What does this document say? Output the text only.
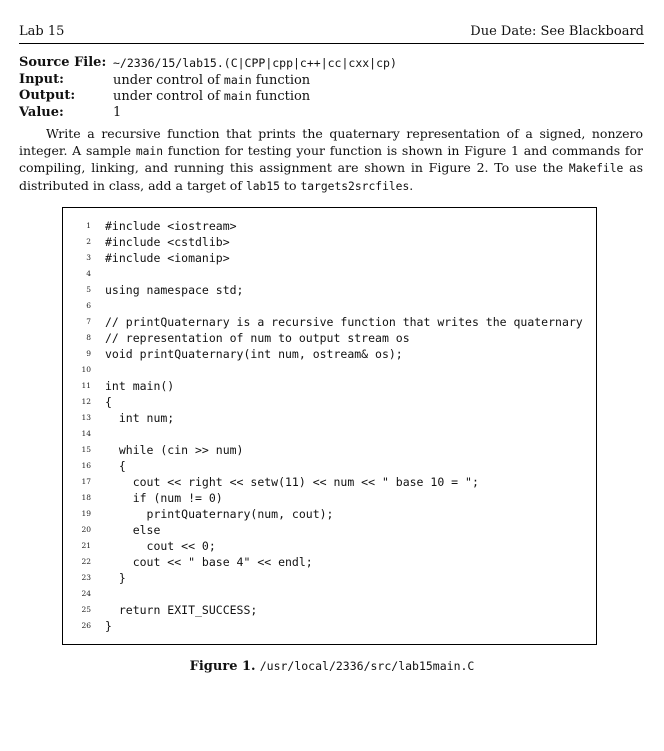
Lab 15	Due Date: See Blackboard
Source File: ~/2336/15/lab15.(C|CPP|cpp|c++|cc|cxx|cp)
Input:	under control of main function
Output:	under control of main function
Value:	1
Write a recursive function that prints the quaternary representation of a signed, nonzero integer. A sample main function for testing your function is shown in Figure 1 and commands for compiling, linking, and running this assignment are shown in Figure 2. To use the Makefile as distributed in class, add a target of lab15 to targets2srcfiles.
1 #include <iostream>
2 #include <cstdlib>
3 #include <iomanip>
4
5 using namespace std;
6
7 // printQuaternary is a recursive function that writes the quaternary
8 // representation of num to output stream os
9 void printQuaternary(int num, ostream& os);
10
11 int main()
12 {
13 int num;
14
15 while (cin >> num)
16 {
17 cout << right << setw(11) << num << " base 10 = ";
18 if (num != 0)
19 printQuaternary(num, cout);
20 else
21 cout << 0;
22 cout << " base 4" << endl;
23 }
24
25 return EXIT_SUCCESS;
26 }
Figure 1. /usr/local/2336/src/lab15main.C
